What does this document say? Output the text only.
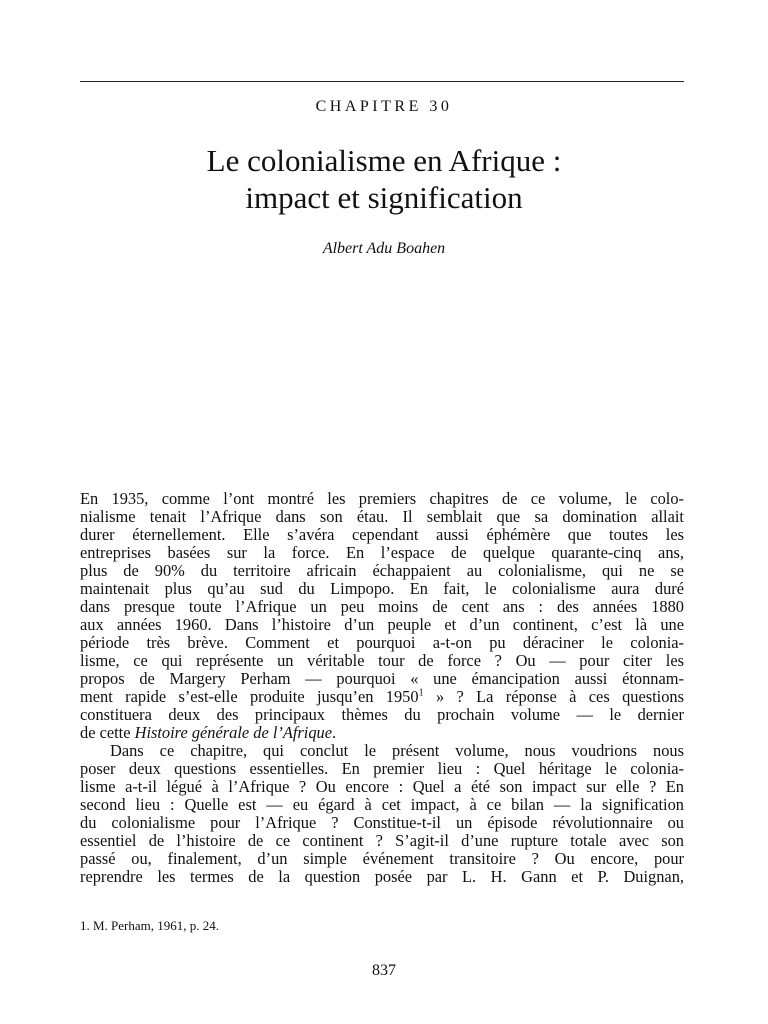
CHAPITRE 30
Le colonialisme en Afrique :
impact et signification
Albert Adu Boahen

En 1935, comme l’ont montré les premiers chapitres de ce volume, le colo-
nialisme tenait l’Afrique dans son étau. Il semblait que sa domination allait
durer éternellement. Elle s’avéra cependant aussi éphémère que toutes les
entreprises basées sur la force. En l’espace de quelque quarante-cinq ans,
plus de 90% du territoire africain échappaient au colonialisme, qui ne se
maintenait plus qu’au sud du Limpopo. En fait, le colonialisme aura duré
dans presque toute l’Afrique un peu moins de cent ans : des années 1880
aux années 1960. Dans l’histoire d’un peuple et d’un continent, c’est là une
période très brève. Comment et pourquoi a-t-on pu déraciner le colonia-
lisme, ce qui représente un véritable tour de force ? Ou — pour citer les
propos de Margery Perham — pourquoi « une émancipation aussi étonnam-
ment rapide s’est-elle produite jusqu’en 1950$^1$ » ? La réponse à ces questions
constituera deux des principaux thèmes du prochain volume — le dernier
de cette Histoire générale de l’Afrique.

Dans ce chapitre, qui conclut le présent volume, nous voudrions nous
poser deux questions essentielles. En premier lieu : Quel héritage le colonia-
lisme a-t-il légué à l’Afrique ? Ou encore : Quel a été son impact sur elle ? En
second lieu : Quelle est — eu égard à cet impact, à ce bilan — la signification
du colonialisme pour l’Afrique ? Constitue-t-il un épisode révolutionnaire ou
essentiel de l’histoire de ce continent ? S’agit-il d’une rupture totale avec son
passé ou, finalement, d’un simple événement transitoire ? Ou encore, pour
reprendre les termes de la question posée par L. H. Gann et P. Duignan,

1. M. Perham, 1961, p. 24.
837
